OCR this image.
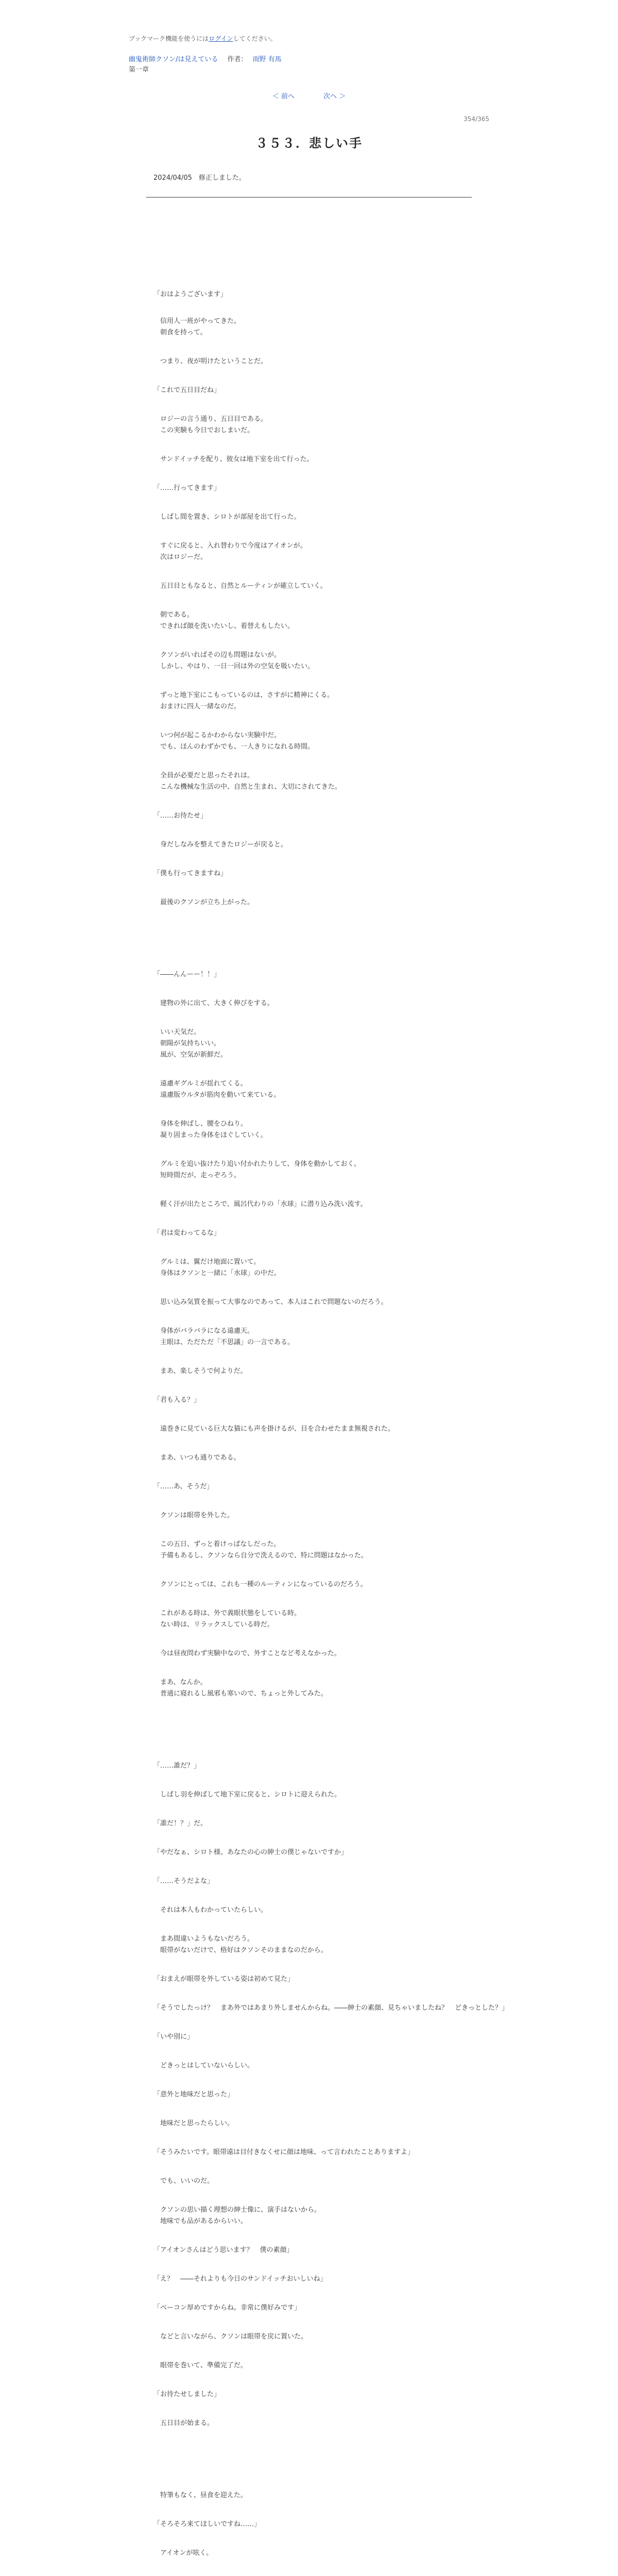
ブックマーク機能を使うにはログインしてください。
幽鬼術師クソン/は見えている 作者： 雨野 有馬
第一章
＜ 前へ	次へ ＞
354/365
３５３．悲しい手
2024/04/05　修正しました。
「おはようございます」
　信用人一班がやってきた。
　朝食を持って。
　つまり、夜が明けたということだ。
「これで五日目だね」
　ロジーの言う通り、五日目である。
　この実験も今日でおしまいだ。
　サンドイッチを配り、彼女は地下室を出て行った。
「……行ってきます」
　しばし間を置き、シロトが部屋を出て行った。
　すぐに戻ると、入れ替わりで今度はアイオンが。
　次はロジーだ。
　五日目ともなると、自然とルーティンが確立していく。
　朝である。
　できれば顔を洗いたいし、着替えもしたい。
　クソンがいればその辺も問題はないが。
　しかし、やはり、一日一回は外の空気を吸いたい。
　ずっと地下室にこもっているのは、さすがに精神にくる。
　おまけに四人一緒なのだ。
　いつ何が起こるかわからない実験中だ。
　でも、ほんのわずかでも、一人きりになれる時間。
　全員が必要だと思ったそれは。
　こんな機械な生活の中、自然と生まれ、大切にされてきた。
「……お待たせ」
　身だしなみを整えてきたロジーが戻ると。
「僕も行ってきますね」
　最後のクソンが立ち上がった。
「――んんーー！！」
　建物の外に出て、大きく伸びをする。
　いい天気だ。
　朝陽が気持ちいい。
　風が、空気が新鮮だ。
　遠慮ギグルミが揺れてくる。
　遠慮版ウルタが筋肉を動いて来ている。
　身体を伸ばし、腰をひねり。
　凝り固まった身体をほぐしていく。
　グルミを追い抜けたり追い付かれたりして、身体を動かしておく。
　短時間だが、走っぞろう。
　軽く汗が出たところで、風呂代わりの「水球」に潜り込み洗い流す。
「君は変わってるな」
　グルミは、翼だけ地面に置いて。
　身体はクソンと一緒に「水球」の中だ。
　思い込み気質を振って大事なのであって、本人はこれで問題ないのだろう。
　身体がバラバラになる遠慮天。
　主眼は、ただただ「不思議」の一言である。
　まあ、楽しそうで何よりだ。
「君も入る？」
　遠巻きに見ている巨大な猫にも声を掛けるが、目を合わせたまま無視された。
　まあ、いつも通りである。
「……あ、そうだ」
　クソンは眼帯を外した。
　この五日、ずっと着けっぱなしだった。
　予備もあるし、クソンなら自分で洗えるので、特に問題はなかった。
　クソンにとっては、これも一種のルーティンになっているのだろう。
　これがある時は、外で義眼状態をしている時。
　ない時は、リラックスしている時だ。
　今は昼夜問わず実験中なので、外すことなど考えなかった。
　まあ、なんか。
　普通に寝れるし風邪も寒いので、ちょっと外してみた。
「……誰だ？」
　しばし羽を伸ばして地下室に戻ると、シロトに迎えられた。
「誰だ！？」だ。
「やだなぁ、シロト様。あなたの心の紳士の僕じゃないですか」
「……そうだよな」
　それは本人もわかっていたらしい。
　まあ間違いようもないだろう。
　眼帯がないだけで、格好はクソンそのままなのだから。
「おまえが眼帯を外している姿は初めて見た」
「そうでしたっけ？　まあ外ではあまり外しませんからね。――紳士の素顔、見ちゃいましたね？　どきっとした？」
「いや別に」
　どきっとはしていないらしい。
「意外と地味だと思った」
　地味だと思ったらしい。
「そうみたいです。眼帯遠は目付きなくせに顔は地味、って言われたことありますよ」
　でも、いいのだ。
　クソンの思い描く理想の紳士像に、演手はないから。
　地味でも品があるからいい。
「アイオンさんはどう思います？　僕の素顔」
「え？　――それよりも今日のサンドイッチおいしいね」
「ベーコン厚めですからね。非常に僕好みです」
　などと言いながら、クソンは眼帯を戻に置いた。
　眼帯を巻いて、準備完了だ。
「お待たせしました」
　五日目が始まる。
　特筆もなく、昼食を迎えた。
「そろそろ来てほしいですね……」
　アイオンが呟く。
